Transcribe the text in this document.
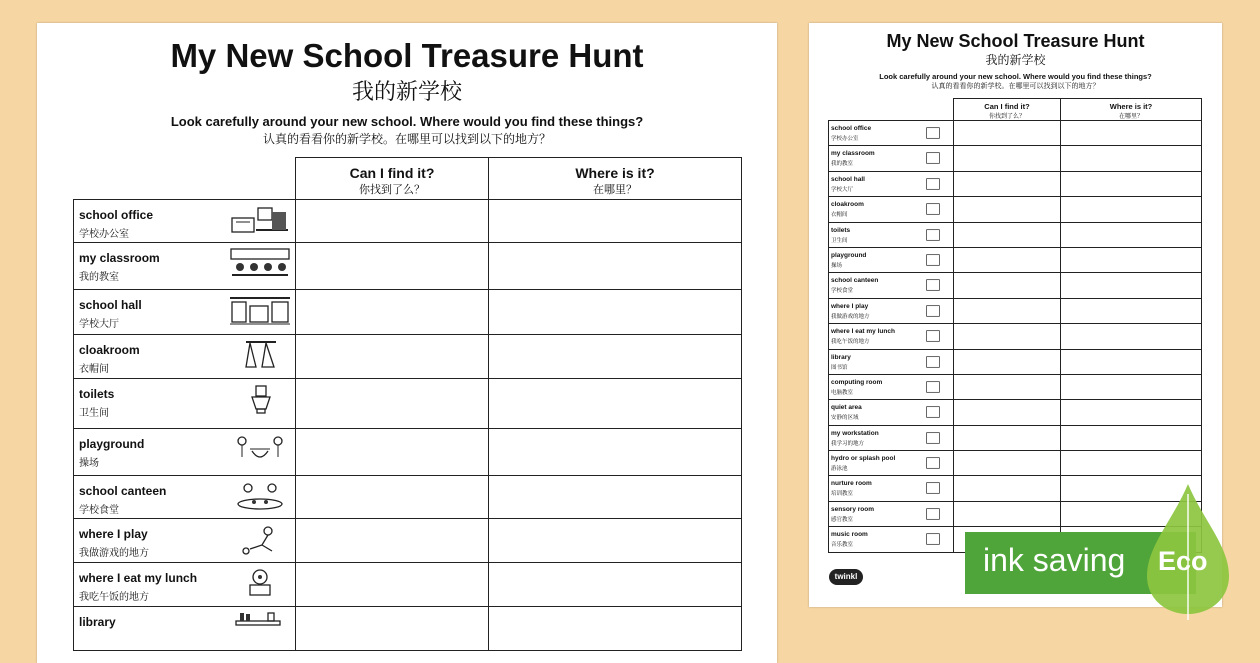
My New School Treasure Hunt
我的新学校
Look carefully around your new school. Where would you find these things?
认真的看看你的新学校。在哪里可以找到以下的地方？
	Can I find it?
你找到了么？	Where is it?
在哪里？

school office
学校办公室		

my classroom
我的教室		

school hall
学校大厅		

cloakroom
衣帽间		

toilets
卫生间		

playground
操场		

school canteen
学校食堂		

where I play
我做游戏的地方		

where I eat my lunch
我吃午饭的地方		

library		

My New School Treasure Hunt
我的新学校
Look carefully around your new school. Where would you find these things?
认真的看看你的新学校。在哪里可以找到以下的地方？
	Can I find it?
你找到了么？	Where is it?
在哪里？

school office
学校办公室		

my classroom
我的教室		

school hall
学校大厅		

cloakroom
衣帽间		

toilets
卫生间		

playground
操场		

school canteen
学校食堂		

where I play
我做游戏的地方		

where I eat my lunch
我吃午饭的地方		

library
图书馆		

computing room
电脑教室		

quiet area
安静的区域		

my workstation
我学习的地方		

hydro or splash pool
游泳池		

nurture room
培训教室		

sensory room
感官教室		

music room
音乐教室		

twinkl	ink saving Eco
